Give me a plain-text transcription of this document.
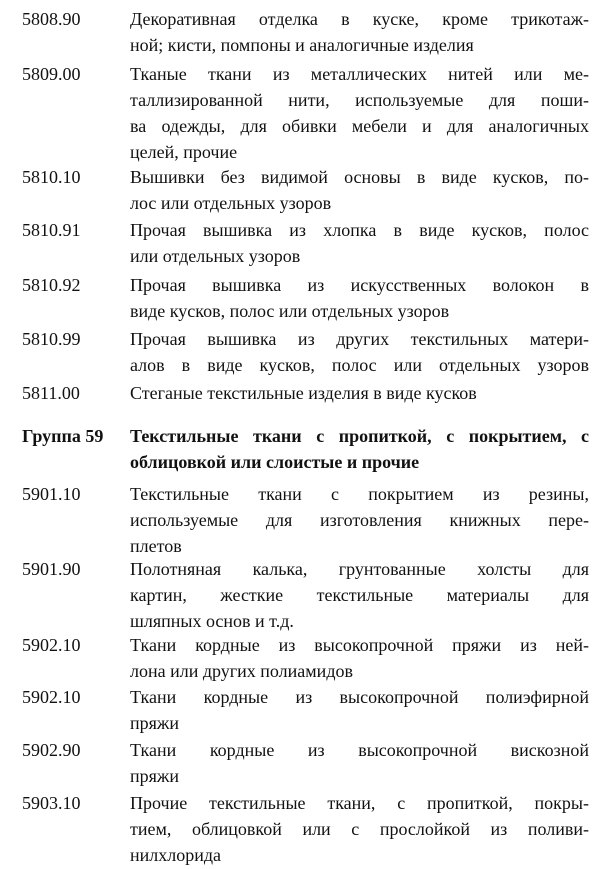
5808.90	Декоративная отделка в куске, кроме трикотаж-
ной; кисти, помпоны и аналогичные изделия
5809.00	Тканые ткани из металлических нитей или ме-
таллизированной нити, используемые для поши-
ва одежды, для обивки мебели и для аналогичных
целей, прочие
5810.10	Вышивки без видимой основы в виде кусков, по-
лос или отдельных узоров
5810.91	Прочая вышивка из хлопка в виде кусков, полос
или отдельных узоров
5810.92	Прочая вышивка из искусственных волокон в
виде кусков, полос или отдельных узоров
5810.99	Прочая вышивка из других текстильных матери-
алов в виде кусков, полос или отдельных узоров
5811.00	Стеганые текстильные изделия в виде кусков
Группа 59 Текстильные ткани с пропиткой, с покрытием, с
облицовкой или слоистые и прочие
5901.10	Текстильные ткани с покрытием из резины,
используемые для изготовления книжных пере-
плетов
5901.90	Полотняная калька, грунтованные холсты для
картин, жесткие текстильные материалы для
шляпных основ и т.д.
5902.10	Ткани кордные из высокопрочной пряжи из ней-
лона или других полиамидов
5902.10	Ткани кордные из высокопрочной полиэфирной
пряжи
5902.90	Ткани кордные из высокопрочной вискозной
пряжи
5903.10	Прочие текстильные ткани, с пропиткой, покры-
тием, облицовкой или с прослойкой из поливи-
нилхлорида
